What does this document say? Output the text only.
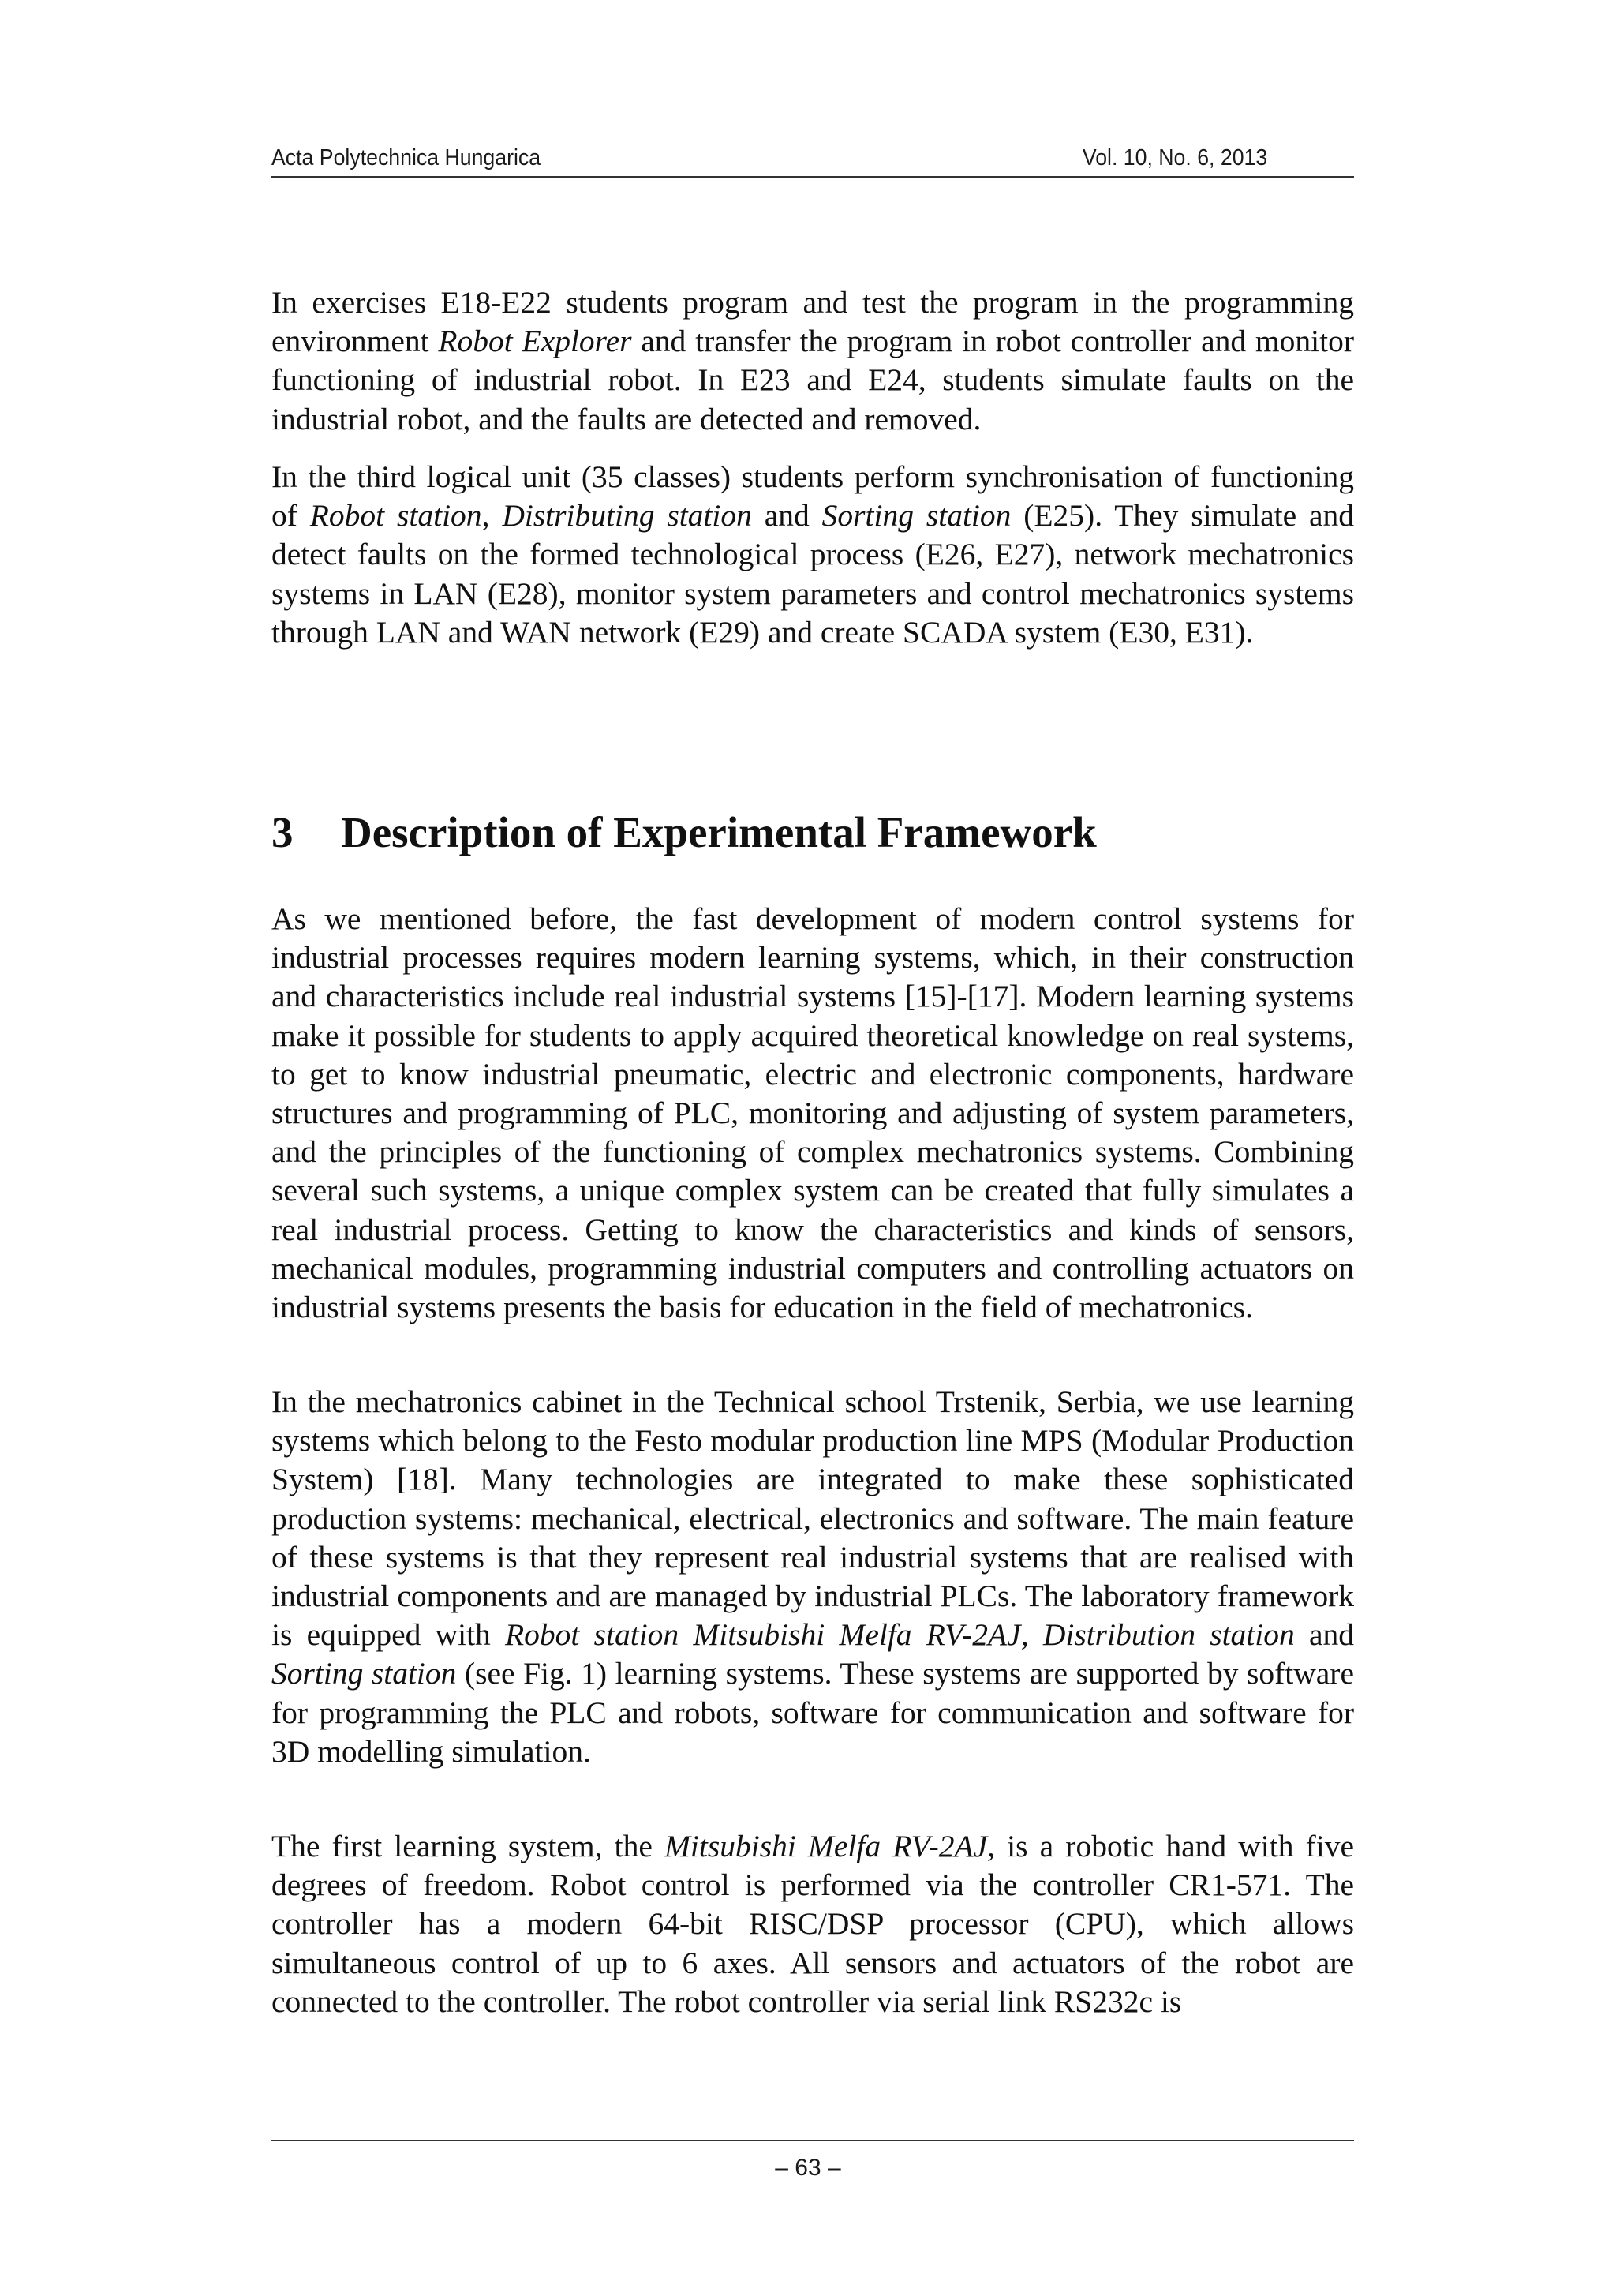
Acta Polytechnica Hungarica	Vol. 10, No. 6, 2013

In exercises E18-E22 students program and test the program in the programming environment Robot Explorer and transfer the program in robot controller and monitor functioning of industrial robot. In E23 and E24, students simulate faults on the industrial robot, and the faults are detected and removed.

In the third logical unit (35 classes) students perform synchronisation of functioning of Robot station, Distributing station and Sorting station (E25). They simulate and detect faults on the formed technological process (E26, E27), network mechatronics systems in LAN (E28), monitor system parameters and control mechatronics systems through LAN and WAN network (E29) and create SCADA system (E30, E31).

3 Description of Experimental Framework

As we mentioned before, the fast development of modern control systems for industrial processes requires modern learning systems, which, in their construction and characteristics include real industrial systems [15]-[17]. Modern learning systems make it possible for students to apply acquired theoretical knowledge on real systems, to get to know industrial pneumatic, electric and electronic components, hardware structures and programming of PLC, monitoring and adjusting of system parameters, and the principles of the functioning of complex mechatronics systems. Combining several such systems, a unique complex system can be created that fully simulates a real industrial process. Getting to know the characteristics and kinds of sensors, mechanical modules, programming industrial computers and controlling actuators on industrial systems presents the basis for education in the field of mechatronics.

In the mechatronics cabinet in the Technical school Trstenik, Serbia, we use learning systems which belong to the Festo modular production line MPS (Modular Production System) [18]. Many technologies are integrated to make these sophisticated production systems: mechanical, electrical, electronics and software. The main feature of these systems is that they represent real industrial systems that are realised with industrial components and are managed by industrial PLCs. The laboratory framework is equipped with Robot station Mitsubishi Melfa RV-2AJ, Distribution station and Sorting station (see Fig. 1) learning systems. These systems are supported by software for programming the PLC and robots, software for communication and software for 3D modelling simulation.

The first learning system, the Mitsubishi Melfa RV-2AJ, is a robotic hand with five degrees of freedom. Robot control is performed via the controller CR1-571. The controller has a modern 64-bit RISC/DSP processor (CPU), which allows simultaneous control of up to 6 axes. All sensors and actuators of the robot are connected to the controller. The robot controller via serial link RS232c is

– 63 –
